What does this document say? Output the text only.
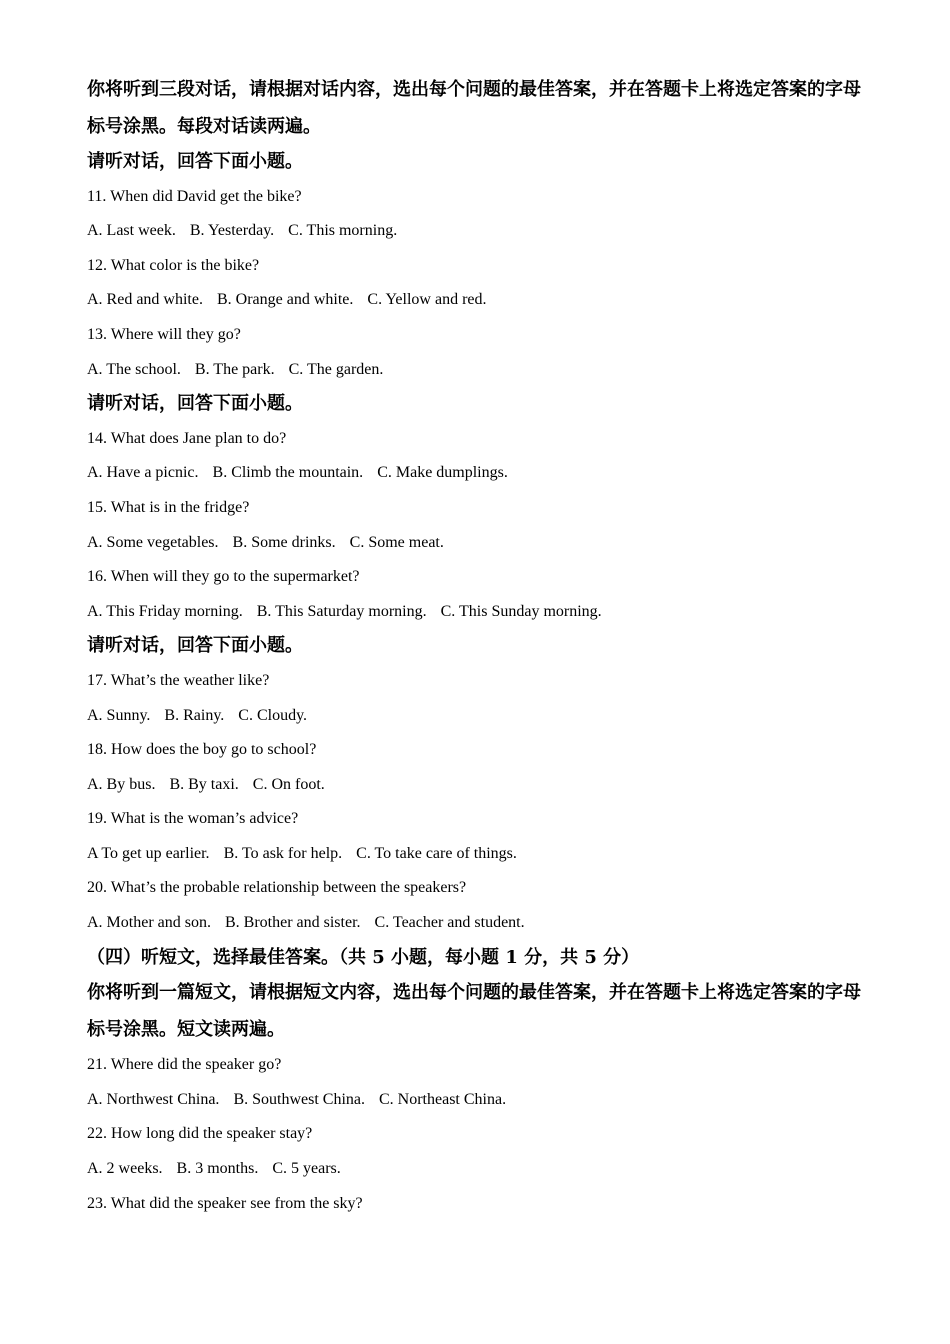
你将听到三段对话，请根据对话内容，选出每个问题的最佳答案，并在答题卡上将选定答案的字母标号涂黑。每段对话读两遍。
请听对话，回答下面小题。
11. When did David get the bike?
A. Last week. B. Yesterday. C. This morning.
12. What color is the bike?
A. Red and white. B. Orange and white. C. Yellow and red.
13. Where will they go?
A. The school. B. The park. C. The garden.
请听对话，回答下面小题。
14. What does Jane plan to do?
A. Have a picnic. B. Climb the mountain. C. Make dumplings.
15. What is in the fridge?
A. Some vegetables. B. Some drinks. C. Some meat.
16. When will they go to the supermarket?
A. This Friday morning. B. This Saturday morning. C. This Sunday morning.
请听对话，回答下面小题。
17. What’s the weather like?
A. Sunny. B. Rainy. C. Cloudy.
18. How does the boy go to school?
A. By bus. B. By taxi. C. On foot.
19. What is the woman’s advice?
A To get up earlier. B. To ask for help. C. To take care of things.
20. What’s the probable relationship between the speakers?
A. Mother and son. B. Brother and sister. C. Teacher and student.
（四）听短文，选择最佳答案。（共 5 小题，每小题 1 分，共 5 分）
你将听到一篇短文，请根据短文内容，选出每个问题的最佳答案，并在答题卡上将选定答案的字母标号涂黑。短文读两遍。
21. Where did the speaker go?
A. Northwest China. B. Southwest China. C. Northeast China.
22. How long did the speaker stay?
A. 2 weeks. B. 3 months. C. 5 years.
23. What did the speaker see from the sky?
